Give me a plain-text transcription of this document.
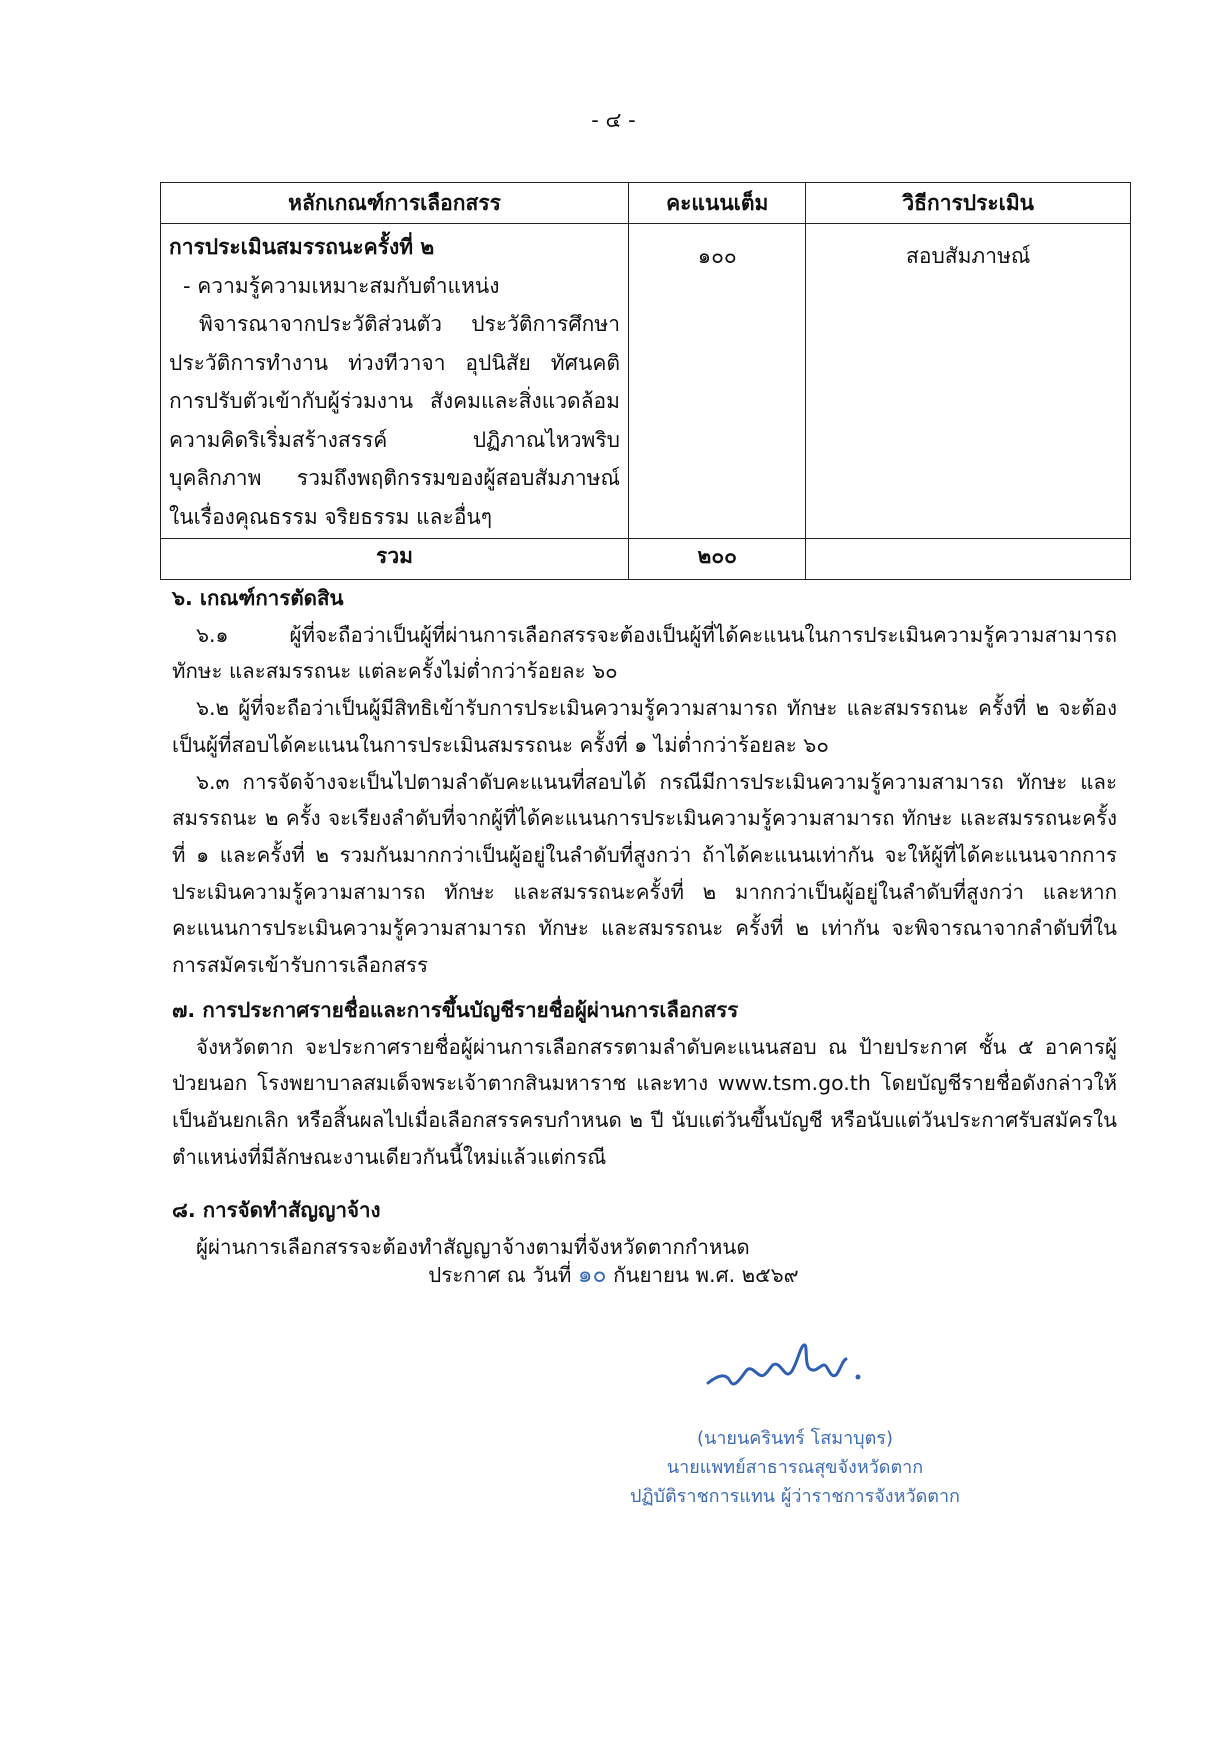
- ๔ -
หลักเกณฑ์การเลือกสรร	คะแนนเต็ม	วิธีการประเมิน

การประเมินสมรรถนะครั้งที่ ๒
- ความรู้ความเหมาะสมกับตำแหน่ง
พิจารณาจากประวัติส่วนตัว ประวัติการศึกษา ประวัติการทำงาน ท่วงทีวาจา อุปนิสัย ทัศนคติ การปรับตัวเข้ากับผู้ร่วมงาน สังคมและสิ่งแวดล้อม ความคิดริเริ่มสร้างสรรค์ ปฏิภาณไหวพริบ บุคลิกภาพ รวมถึงพฤติกรรมของผู้สอบสัมภาษณ์ ในเรื่องคุณธรรม จริยธรรม และอื่นๆ	๑๐๐	สอบสัมภาษณ์
รวม	๒๐๐	
๖. เกณฑ์การตัดสิน

๖.๑ ผู้ที่จะถือว่าเป็นผู้ที่ผ่านการเลือกสรรจะต้องเป็นผู้ที่ได้คะแนนในการประเมินความรู้ความสามารถ ทักษะ และสมรรถนะ แต่ละครั้งไม่ต่ำกว่าร้อยละ ๖๐

๖.๒ ผู้ที่จะถือว่าเป็นผู้มีสิทธิเข้ารับการประเมินความรู้ความสามารถ ทักษะ และสมรรถนะ ครั้งที่ ๒ จะต้องเป็นผู้ที่สอบได้คะแนนในการประเมินสมรรถนะ ครั้งที่ ๑ ไม่ต่ำกว่าร้อยละ ๖๐

๖.๓ การจัดจ้างจะเป็นไปตามลำดับคะแนนที่สอบได้ กรณีมีการประเมินความรู้ความสามารถ ทักษะ และสมรรถนะ ๒ ครั้ง จะเรียงลำดับที่จากผู้ที่ได้คะแนนการประเมินความรู้ความสามารถ ทักษะ และสมรรถนะครั้งที่ ๑ และครั้งที่ ๒ รวมกันมากกว่าเป็นผู้อยู่ในลำดับที่สูงกว่า ถ้าได้คะแนนเท่ากัน จะให้ผู้ที่ได้คะแนนจากการประเมินความรู้ความสามารถ ทักษะ และสมรรถนะครั้งที่ ๒ มากกว่าเป็นผู้อยู่ในลำดับที่สูงกว่า และหากคะแนนการประเมินความรู้ความสามารถ ทักษะ และสมรรถนะ ครั้งที่ ๒ เท่ากัน จะพิจารณาจากลำดับที่ในการสมัครเข้ารับการเลือกสรร

๗. การประกาศรายชื่อและการขึ้นบัญชีรายชื่อผู้ผ่านการเลือกสรร

จังหวัดตาก จะประกาศรายชื่อผู้ผ่านการเลือกสรรตามลำดับคะแนนสอบ ณ ป้ายประกาศ ชั้น ๕ อาคารผู้ป่วยนอก โรงพยาบาลสมเด็จพระเจ้าตากสินมหาราช และทาง www.tsm.go.th โดยบัญชีรายชื่อดังกล่าวให้เป็นอันยกเลิก หรือสิ้นผลไปเมื่อเลือกสรรครบกำหนด ๒ ปี นับแต่วันขึ้นบัญชี หรือนับแต่วันประกาศรับสมัครในตำแหน่งที่มีลักษณะงานเดียวกันนี้ใหม่แล้วแต่กรณี

๘. การจัดทำสัญญาจ้าง

ผู้ผ่านการเลือกสรรจะต้องทำสัญญาจ้างตามที่จังหวัดตากกำหนด

ประกาศ ณ วันที่ ๑๐ กันยายน พ.ศ. ๒๕๖๙
(นายนครินทร์ โสมาบุตร)
นายแพทย์สาธารณสุขจังหวัดตาก
ปฏิบัติราชการแทน ผู้ว่าราชการจังหวัดตาก
